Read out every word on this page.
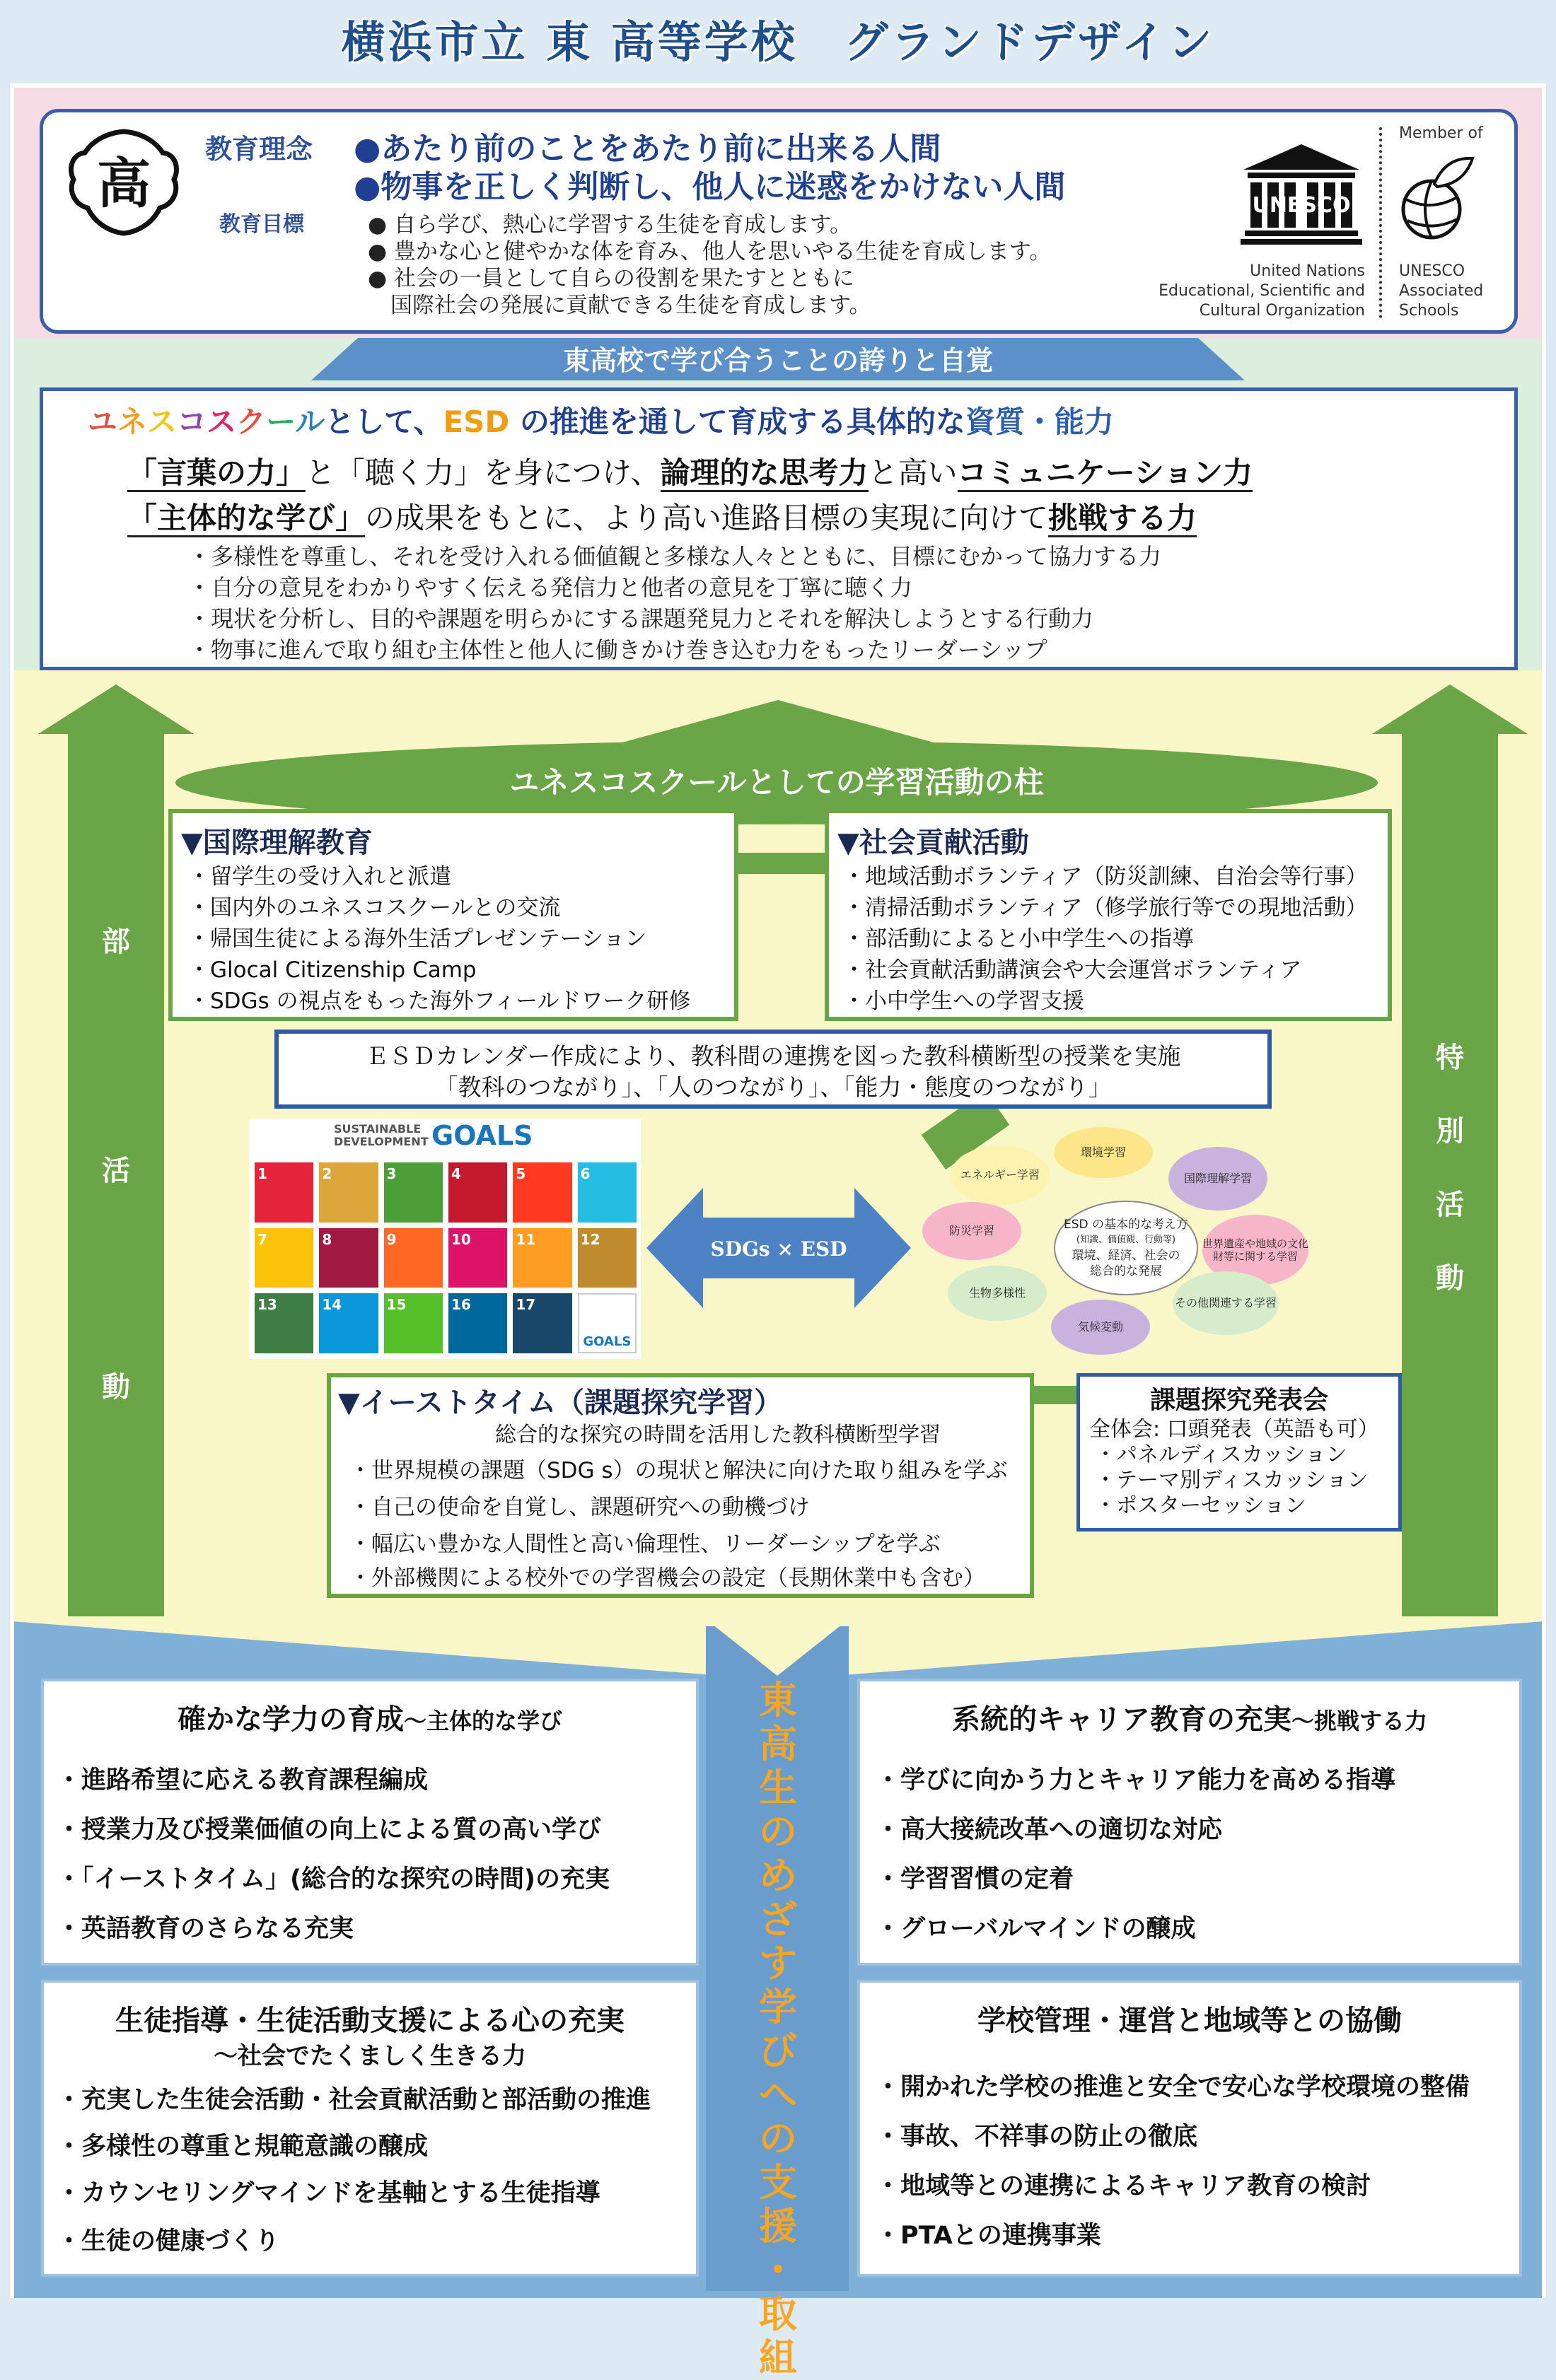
横浜市立 東 高等学校　グランドデザイン
高
教育理念 ●あたり前のことをあたり前に出来る人間
●物事を正しく判断し、他人に迷惑をかけない人間
教育目標	● 自ら学び、熱心に学習する生徒を育成します。
● 豊かな心と健やかな体を育み、他人を思いやる生徒を育成します。
● 社会の一員として自らの役割を果たすとともに
国際社会の発展に貢献できる生徒を育成します。
UNESCO
United Nations
Educational, Scientific and
Cultural Organization
Member of
UNESCO
Associated
Schools
東高校で学び合うことの誇りと自覚
ユネスコスクールとして、ESD の推進を通して育成する具体的な資質・能力
「言葉の力」と「聴く力」を身につけ、論理的な思考力と高いコミュニケーション力
「主体的な学び」の成果をもとに、より高い進路目標の実現に向けて挑戦する力
・多様性を尊重し、それを受け入れる価値観と多様な人々とともに、目標にむかって協力する力
・自分の意見をわかりやすく伝える発信力と他者の意見を丁寧に聴く力
・現状を分析し、目的や課題を明らかにする課題発見力とそれを解決しようとする行動力
・物事に進んで取り組む主体性と他人に働きかけ巻き込む力をもったリーダーシップ
部
活
動
特
別
活
動
ユネスコスクールとしての学習活動の柱
▼国際理解教育
・留学生の受け入れと派遣
・国内外のユネスコスクールとの交流
・帰国生徒による海外生活プレゼンテーション
・Glocal Citizenship Camp
・SDGs の視点をもった海外フィールドワーク研修
▼社会貢献活動
・地域活動ボランティア（防災訓練、自治会等行事）
・清掃活動ボランティア（修学旅行等での現地活動）
・部活動によると小中学生への指導
・社会貢献活動講演会や大会運営ボランティア
・小中学生への学習支援
ＥＳＤカレンダー作成により、教科間の連携を図った教科横断型の授業を実施
「教科のつながり」、「人のつながり」、「能力・態度のつながり」
SUSTAINABLE DEVELOPMENT GOALS
1	2	3	4	5	6
7	8	9	10	11	12
13	14	15	16	17
GOALS
SDGs × ESD
ESD の基本的な考え方
(知識、価値観、行動等)
環境、経済、社会の
総合的な発展
環境学習
国際理解学習
世界遺産や地域の文化財等に関する学習
その他関連する学習
気候変動
生物多様性
防災学習
エネルギー学習
▼イーストタイム（課題探究学習）
総合的な探究の時間を活用した教科横断型学習
・世界規模の課題（SDG s）の現状と解決に向けた取り組みを学ぶ
・自己の使命を自覚し、課題研究への動機づけ
・幅広い豊かな人間性と高い倫理性、リーダーシップを学ぶ
・外部機関による校外での学習機会の設定（長期休業中も含む）
課題探究発表会
全体会: 口頭発表（英語も可）
・パネルディスカッション
・テーマ別ディスカッション
・ポスターセッション
東
高
生
の
め
ざ
す
学
び
へ
の
支
援
・
取
組
確かな学力の育成〜主体的な学び
・進路希望に応える教育課程編成
・授業力及び授業価値の向上による質の高い学び
・「イーストタイム」(総合的な探究の時間)の充実
・英語教育のさらなる充実
系統的キャリア教育の充実〜挑戦する力
・学びに向かう力とキャリア能力を高める指導
・高大接続改革への適切な対応
・学習習慣の定着
・グローバルマインドの醸成
生徒指導・生徒活動支援による心の充実
〜社会でたくましく生きる力
・充実した生徒会活動・社会貢献活動と部活動の推進
・多様性の尊重と規範意識の醸成
・カウンセリングマインドを基軸とする生徒指導
・生徒の健康づくり
学校管理・運営と地域等との協働
・開かれた学校の推進と安全で安心な学校環境の整備
・事故、不祥事の防止の徹底
・地域等との連携によるキャリア教育の検討
・PTAとの連携事業
